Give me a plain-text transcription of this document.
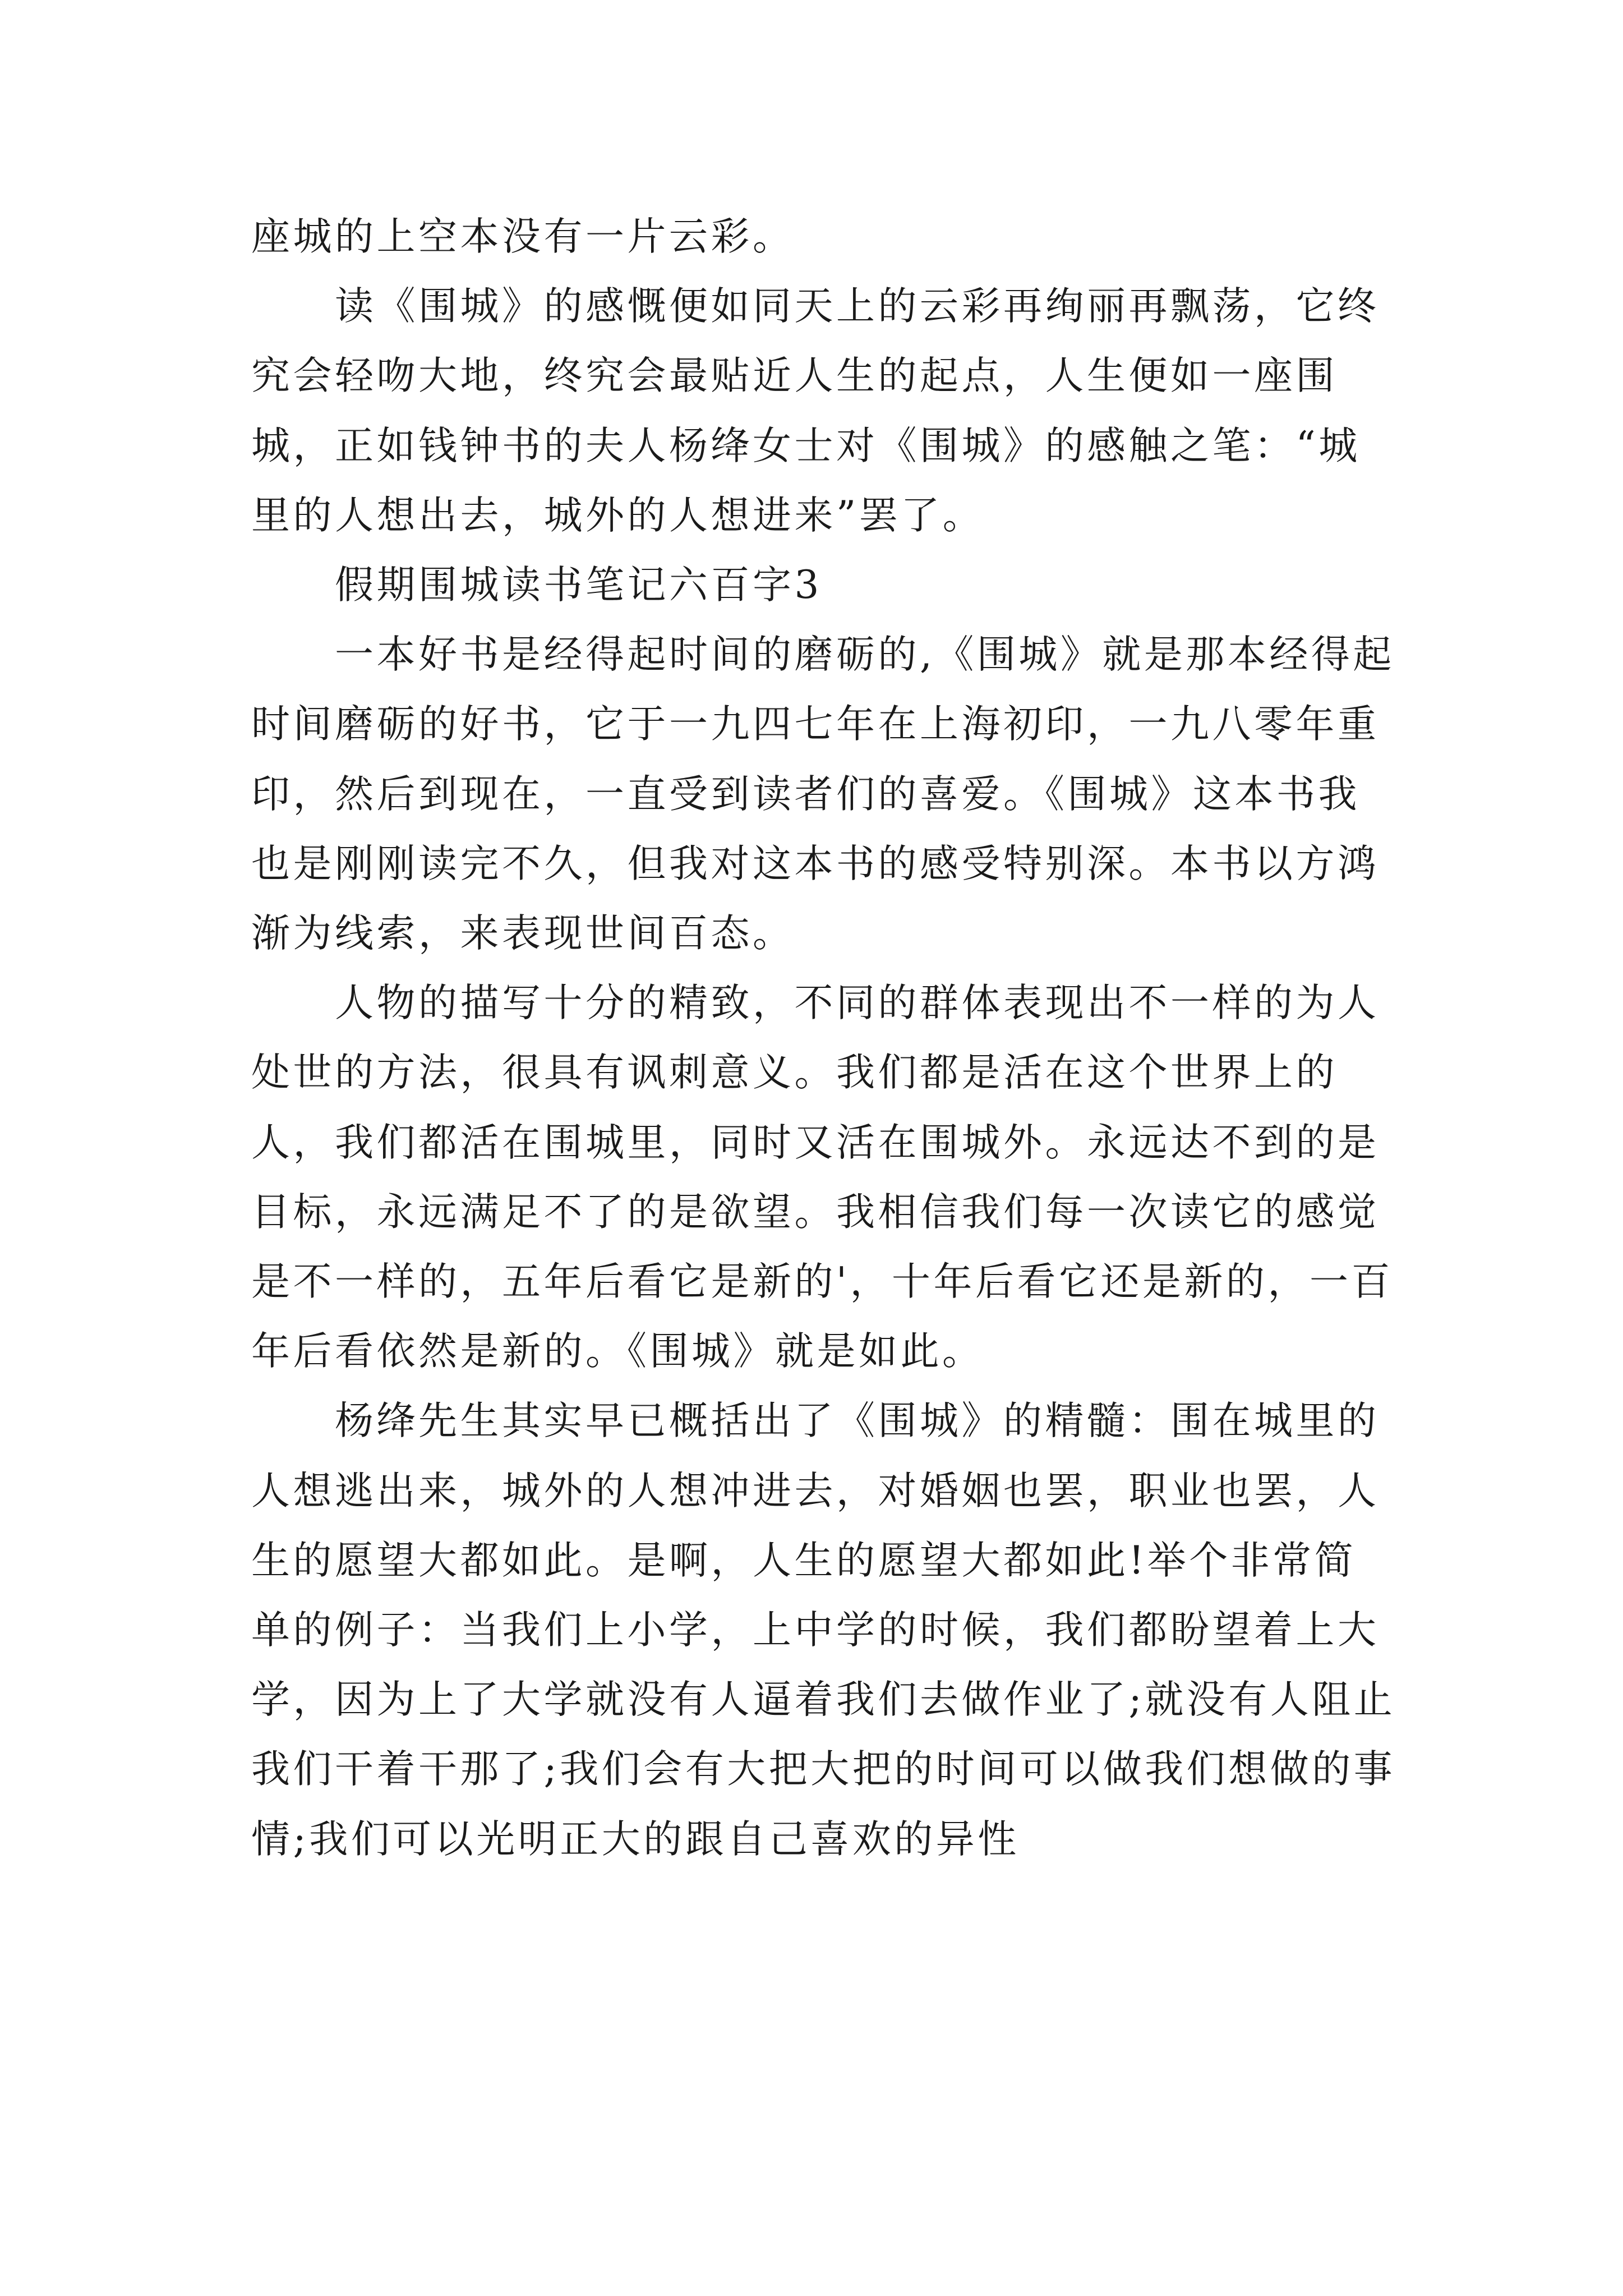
座城的上空本没有一片云彩。

读《围城》的感慨便如同天上的云彩再绚丽再飘荡，它终究会轻吻大地，终究会最贴近人生的起点，人生便如一座围城，正如钱钟书的夫人杨绛女士对《围城》的感触之笔：“城里的人想出去，城外的人想进来”罢了。

假期围城读书笔记六百字3

一本好书是经得起时间的磨砺的,《围城》就是那本经得起时间磨砺的好书，它于一九四七年在上海初印，一九八零年重印，然后到现在，一直受到读者们的喜爱。《围城》这本书我也是刚刚读完不久，但我对这本书的感受特别深。本书以方鸿渐为线索，来表现世间百态。

人物的描写十分的精致，不同的群体表现出不一样的为人处世的方法，很具有讽刺意义。我们都是活在这个世界上的人，我们都活在围城里，同时又活在围城外。永远达不到的是目标，永远满足不了的是欲望。我相信我们每一次读它的感觉是不一样的，五年后看它是新的'，十年后看它还是新的，一百年后看依然是新的。《围城》就是如此。

杨绛先生其实早已概括出了《围城》的精髓：围在城里的人想逃出来，城外的人想冲进去，对婚姻也罢，职业也罢，人生的愿望大都如此。是啊，人生的愿望大都如此!举个非常简单的例子：当我们上小学，上中学的时候，我们都盼望着上大学，因为上了大学就没有人逼着我们去做作业了;就没有人阻止我们干着干那了;我们会有大把大把的时间可以做我们想做的事情;我们可以光明正大的跟自己喜欢的异性
